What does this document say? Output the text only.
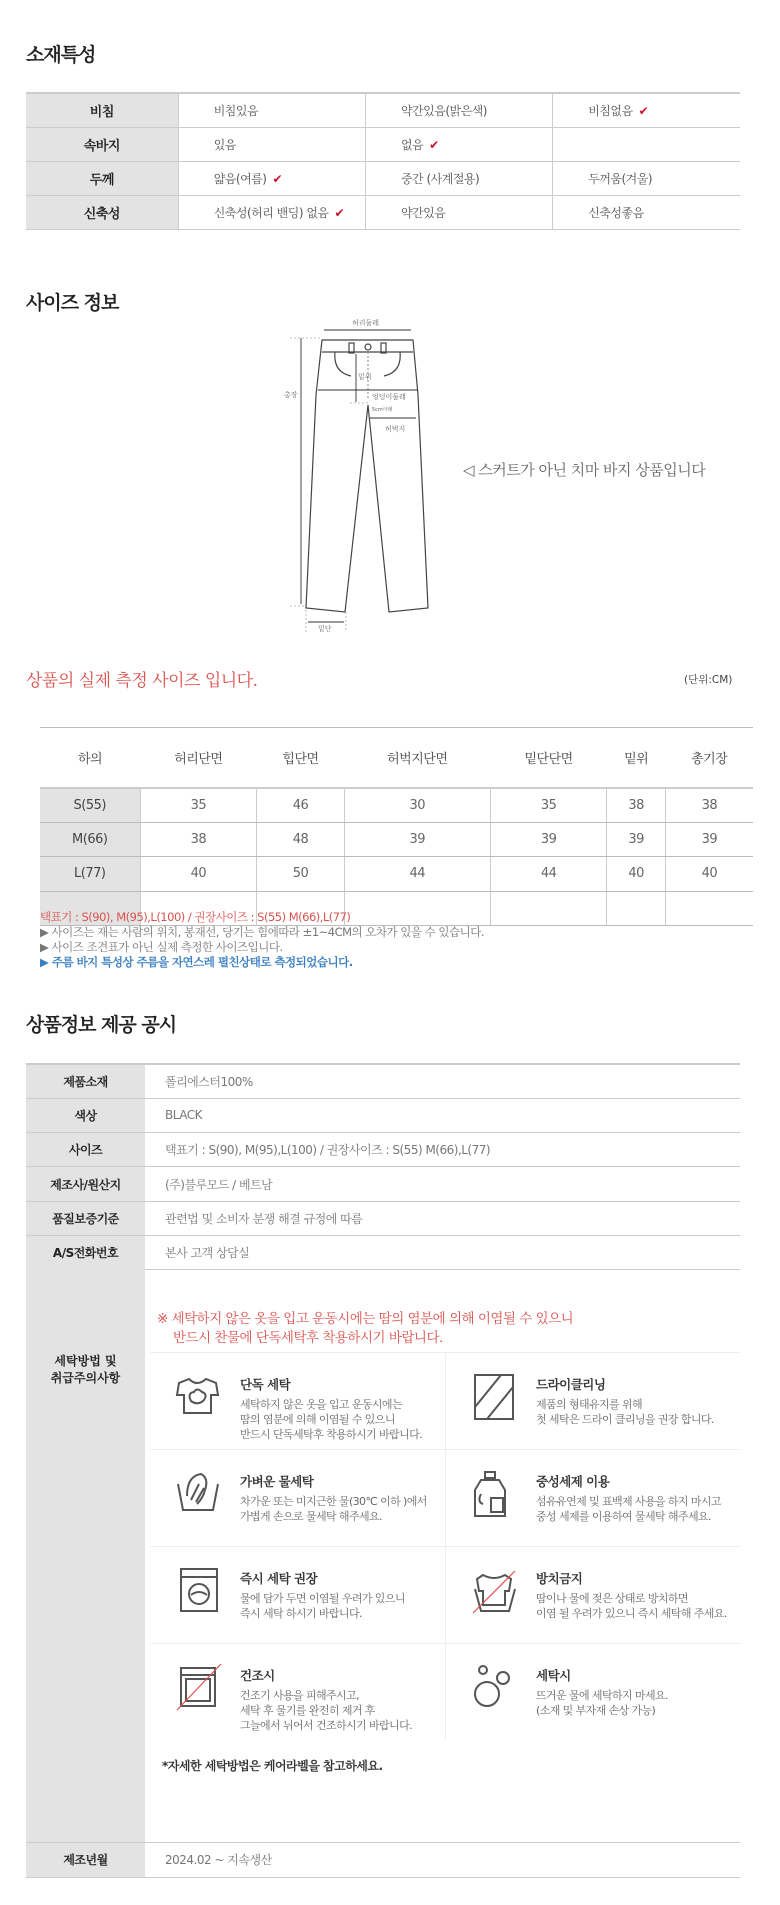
소재특성
비침	비침있음	약간있음(밝은색)	비침없음 ✔
속바지	있음	없음 ✔	
두께	얇음(여름) ✔	중간 (사계절용)	두꺼움(겨울)
신축성	신축성(허리 밴딩) 없음 ✔	약간있음	신축성좋음
사이즈 정보
허리둘레
밑위
엉덩이둘레
5cm아래
허벅지
총장
밑단
◁ 스커트가 아닌 치마 바지 상품입니다
상품의 실제 측정 사이즈 입니다.	(단위:CM)
하의	허리단면	힙단면	허벅지단면	밑단단면	밑위	총기장
S(55)	35	46	30	35	38	38
M(66)	38	48	39	39	39	39
L(77)	40	50	44	44	40	40

택표기 : S(90), M(95),L(100) / 권장사이즈 : S(55) M(66),L(77)
▶ 사이즈는 재는 사람의 위치, 봉재선, 당기는 힘에따라 ±1~4CM의 오차가 있을 수 있습니다.
▶ 사이즈 조견표가 아닌 실제 측정한 사이즈입니다.
▶ 주름 바지 특성상 주름을 자연스레 펼친상태로 측정되었습니다.
상품정보 제공 공시
제품소재	폴리에스터100%
색상	BLACK
사이즈	택표기 : S(90), M(95),L(100) / 권장사이즈 : S(55) M(66),L(77)
제조사/원산지	(주)블루모드 / 베트남
품질보증기준	관련법 및 소비자 분쟁 해결 규정에 따름
A/S전화번호	본사 고객 상담실
세탁방법 및
취급주의사항
※ 세탁하지 않은 옷을 입고 운동시에는 땀의 염분에 의해 이염될 수 있으니
반드시 찬물에 단독세탁후 착용하시기 바랍니다.
단독 세탁
세탁하지 않은 옷을 입고 운동시에는
땀의 염분에 의해 이염될 수 있으니
반드시 단독세탁후 착용하시기 바랍니다.
드라이클리닝
제품의 형태유지를 위해
첫 세탁은 드라이 클리닝을 권장 합니다.
가벼운 물세탁
차가운 또는 미지근한 물(30℃ 이하 )에서
가볍게 손으로 물세탁 해주세요.
중성세제 이용
섬유유연제 및 표백제 사용을 하지 마시고
중성 세제를 이용하여 물세탁 해주세요.
즉시 세탁 권장
물에 담가 두면 이염될 우려가 있으니
즉시 세탁 하시기 바랍니다.
방치금지
땀이나 물에 젖은 상태로 방치하면
이염 될 우려가 있으니 즉시 세탁해 주세요.
건조시
건조기 사용을 피해주시고,
세탁 후 물기를 완전히 제거 후
그늘에서 뉘어서 건조하시기 바랍니다.
세탁시
뜨거운 물에 세탁하지 마세요.
(소재 및 부자재 손상 가능)
*자세한 세탁방법은 케어라벨을 참고하세요.
제조년월	2024.02 ~ 지속생산
